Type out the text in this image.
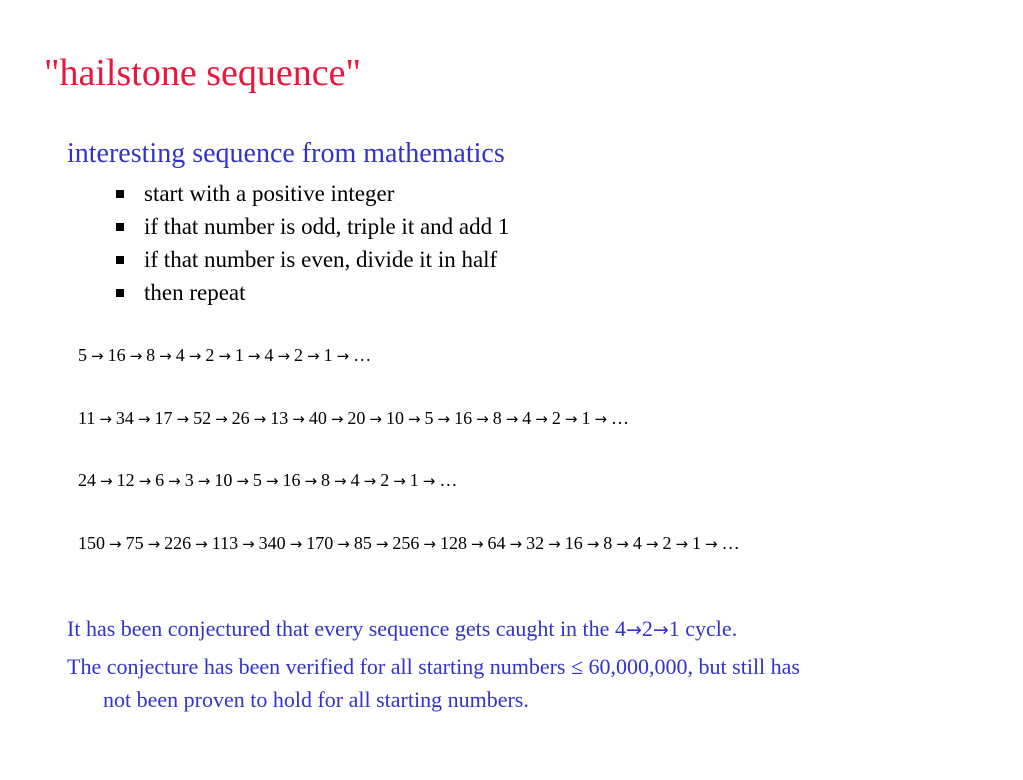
"hailstone sequence"
interesting sequence from mathematics
start with a positive integer
if that number is odd, triple it and add 1
if that number is even, divide it in half
then repeat
5 → 16 → 8 → 4 → 2 → 1 → 4 → 2 → 1 → …
11 → 34 → 17 → 52 → 26 → 13 → 40 → 20 → 10 → 5 → 16 → 8 → 4 → 2 → 1 → …
24 → 12 → 6 → 3 → 10 → 5 → 16 → 8 → 4 → 2 → 1 → …
150 → 75 → 226 → 113 → 340 → 170 → 85 → 256 → 128 → 64 → 32 → 16 → 8 → 4 → 2 → 1 → …
It has been conjectured that every sequence gets caught in the 4→2→1 cycle.
The conjecture has been verified for all starting numbers ≤ 60,000,000, but still has
not been proven to hold for all starting numbers.
